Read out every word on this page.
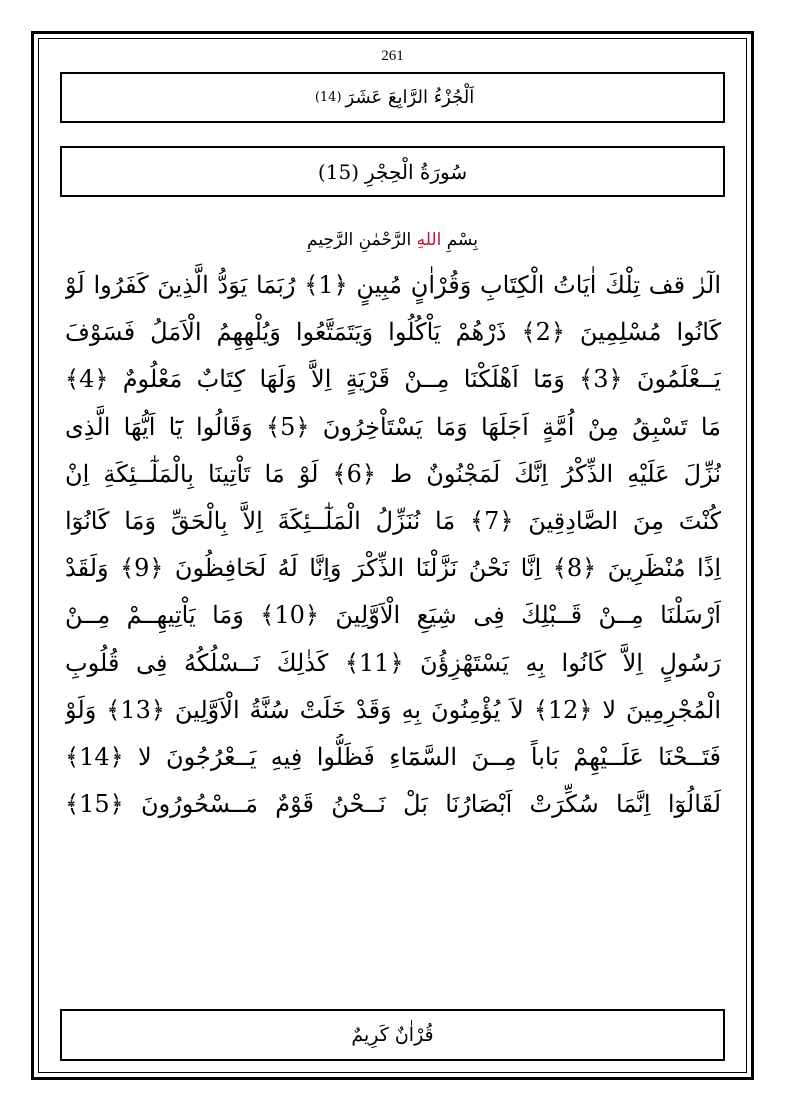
261
اَلْجُزْءُ الرَّابِعَ عَشَرَ
(14)
سُورَةُ الْحِجْرِ
(15)
بِسْمِ اللهِ الرَّحْمٰنِ الرَّحِيمِ
الٓرٰ قف تِلْكَ اٰيَاتُ الْكِتَابِ وَقُرْاٰنٍ مُبِينٍ ﴿1﴾ رُبَمَا يَوَدُّ الَّذِينَ كَفَرُوا لَوْ
كَانُوا مُسْلِمِينَ ﴿2﴾ ذَرْهُمْ يَاْكُلُوا وَيَتَمَتَّعُوا وَيُلْهِهِمُ الْاَمَلُ فَسَوْفَ
يَــعْلَمُونَ ﴿3﴾ وَمَٓا اَهْلَكْنَا مِــنْ قَرْيَةٍ اِلاَّ وَلَهَا كِتَابٌ مَعْلُومٌ ﴿4﴾
مَا تَسْبِقُ مِنْ اُمَّةٍ اَجَلَهَا وَمَا يَسْتَاْخِرُونَ ﴿5﴾ وَقَالُوا يَٓا اَيُّهَا الَّذِى
نُزِّلَ عَلَيْهِ الذِّكْرُ اِنَّكَ لَمَجْنُونٌ ط ﴿6﴾ لَوْ مَا تَاْتِينَا بِالْمَلٰٓــئِكَةِ اِنْ
كُنْتَ مِنَ الصَّادِقِينَ ﴿7﴾ مَا نُنَزِّلُ الْمَلٰٓــئِكَةَ اِلاَّ بِالْحَقِّ وَمَا كَانُوٓا
اِذًا مُنْظَرِينَ ﴿8﴾ اِنَّا نَحْنُ نَزَّلْنَا الذِّكْرَ وَاِنَّا لَهُ لَحَافِظُونَ ﴿9﴾ وَلَقَدْ
اَرْسَلْنَا مِــنْ قَــبْلِكَ فِى شِيَعِ الْاَوَّلِينَ ﴿10﴾ وَمَا يَاْتِيهِــمْ مِــنْ
رَسُولٍ اِلاَّ كَانُوا بِهِ يَسْتَهْزِؤُنَ ﴿11﴾ كَذٰلِكَ نَــسْلُكُهُ فِى قُلُوبِ
الْمُجْرِمِينَ لا ﴿12﴾ لاَ يُؤْمِنُونَ بِهِ وَقَدْ خَلَتْ سُنَّةُ الْاَوَّلِينَ ﴿13﴾ وَلَوْ
فَتَــحْنَا عَلَــيْهِمْ بَاباً مِــنَ السَّمَٓاءِ فَظَلُّوا فِيهِ يَــعْرُجُونَ لا ﴿14﴾
لَقَالُوٓا اِنَّمَا سُكِّرَتْ اَبْصَارُنَا بَلْ نَــحْنُ قَوْمٌ مَــسْحُورُونَ ﴿15﴾
قُرْاٰنٌ كَرِيمٌ
